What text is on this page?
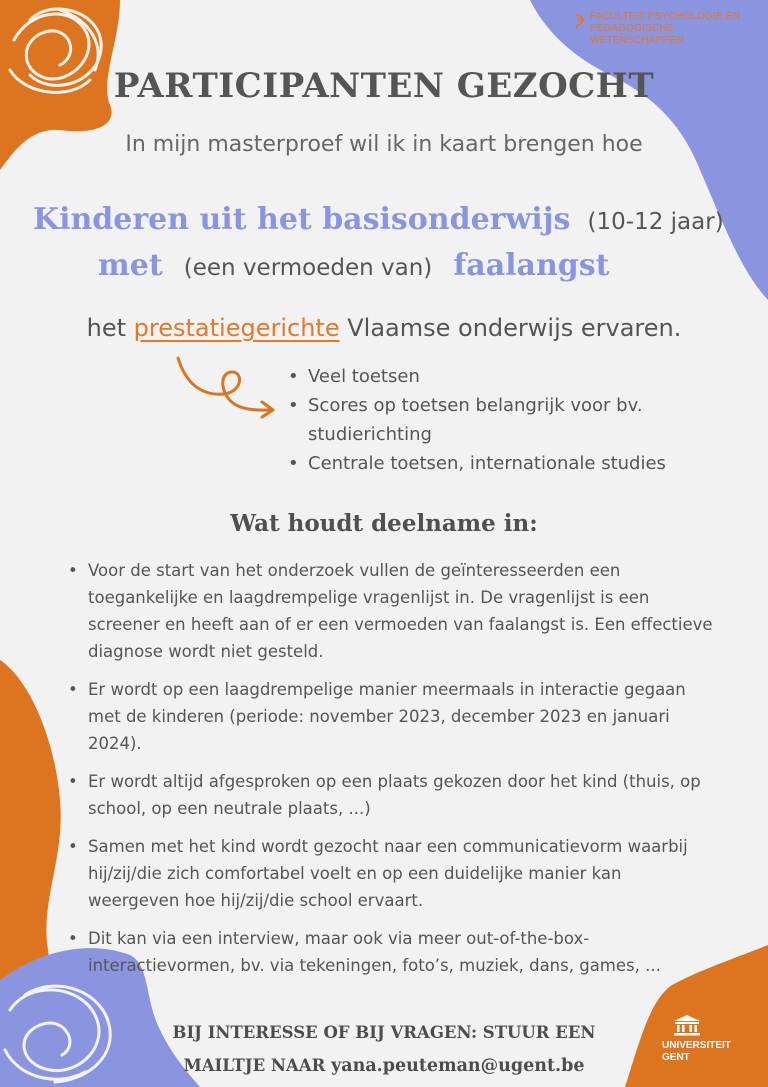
FACULTEIT PSYCHOLOGIE EN
PEDAGOGISCHE WETENSCHAPPEN
PARTICIPANTEN GEZOCHT
In mijn masterproef wil ik in kaart brengen hoe
Kinderen uit het basisonderwijs (10-12 jaar)
met (een vermoeden van) faalangst
het prestatiegerichte Vlaamse onderwijs ervaren.
• Veel toetsen
• Scores op toetsen belangrijk voor bv. studierichting
• Centrale toetsen, internationale studies
Wat houdt deelname in:
• Voor de start van het onderzoek vullen de geïnteresseerden een toegankelijke en laagdrempelige vragenlijst in. De vragenlijst is een screener en heeft aan of er een vermoeden van faalangst is. Een effectieve diagnose wordt niet gesteld.
• Er wordt op een laagdrempelige manier meermaals in interactie gegaan met de kinderen (periode: november 2023, december 2023 en januari 2024).
• Er wordt altijd afgesproken op een plaats gekozen door het kind (thuis, op school, op een neutrale plaats, ...)
• Samen met het kind wordt gezocht naar een communicatievorm waarbij hij/zij/die zich comfortabel voelt en op een duidelijke manier kan weergeven hoe hij/zij/die school ervaart.
• Dit kan via een interview, maar ook via meer out-of-the-box-interactievormen, bv. via tekeningen, foto’s, muziek, dans, games, ...
BIJ INTERESSE OF BIJ VRAGEN: STUUR EEN
MAILTJE NAAR yana.peuteman@ugent.be
UNIVERSITEIT
GENT
